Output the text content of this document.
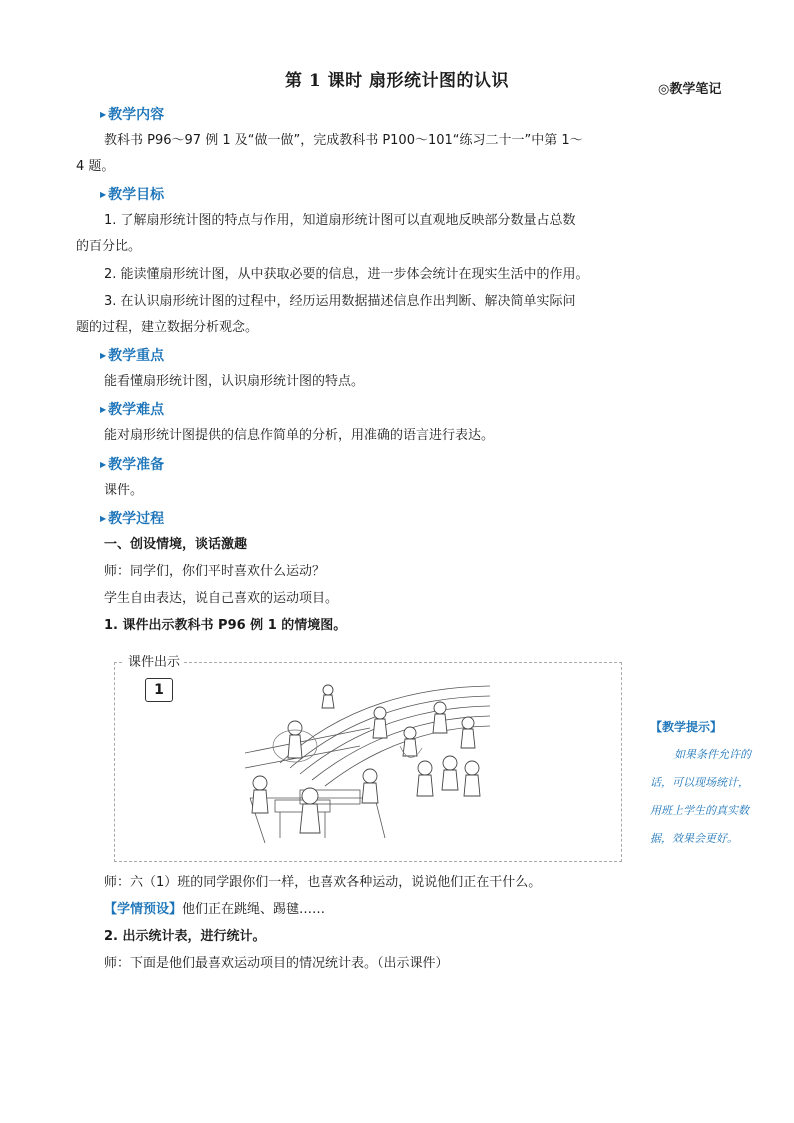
第 1 课时 扇形统计图的认识	◎教学笔记
▶ 教学内容
教科书 P96～97 例 1 及“做一做”，完成教科书 P100～101“练习二十一”中第 1～
4 题。
▶ 教学目标
1. 了解扇形统计图的特点与作用，知道扇形统计图可以直观地反映部分数量占总数
的百分比。
2. 能读懂扇形统计图，从中获取必要的信息，进一步体会统计在现实生活中的作用。
3. 在认识扇形统计图的过程中，经历运用数据描述信息作出判断、解决简单实际问
题的过程，建立数据分析观念。
▶ 教学重点
能看懂扇形统计图，认识扇形统计图的特点。
▶ 教学难点
能对扇形统计图提供的信息作简单的分析，用准确的语言进行表达。
▶ 教学准备
课件。
▶ 教学过程
一、创设情境，谈话激趣
师：同学们，你们平时喜欢什么运动？
学生自由表达，说自己喜欢的运动项目。
1. 课件出示教科书 P96 例 1 的情境图。
课件出示
1
【教学提示】
如果条件允许的
话，可以现场统计，
用班上学生的真实数
据，效果会更好。
师：六（1）班的同学跟你们一样，也喜欢各种运动，说说他们正在干什么。
【学情预设】他们正在跳绳、踢毽……
2. 出示统计表，进行统计。
师：下面是他们最喜欢运动项目的情况统计表。（出示课件）
